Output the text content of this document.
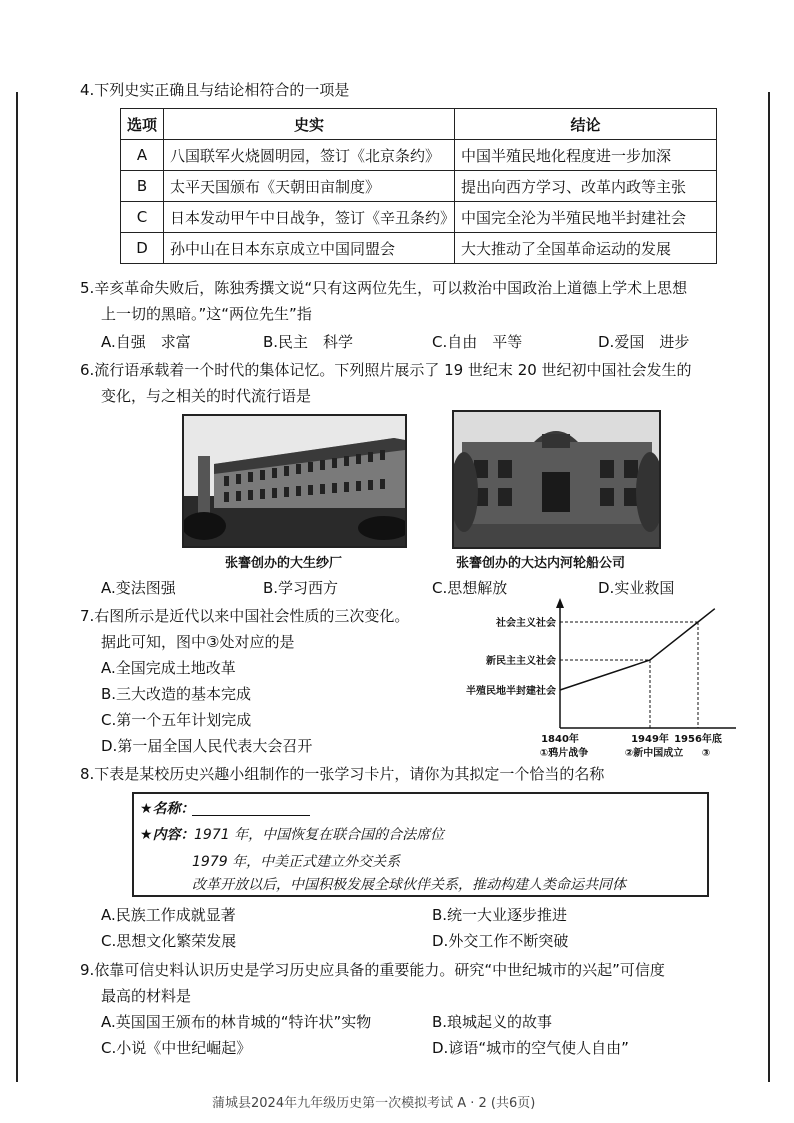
4.下列史实正确且与结论相符合的一项是
选项	史实	结论
A	八国联军火烧圆明园，签订《北京条约》	中国半殖民地化程度进一步加深
B	太平天国颁布《天朝田亩制度》	提出向西方学习、改革内政等主张
C	日本发动甲午中日战争，签订《辛丑条约》	中国完全沦为半殖民地半封建社会
D	孙中山在日本东京成立中国同盟会	大大推动了全国革命运动的发展
5.辛亥革命失败后，陈独秀撰文说“只有这两位先生，可以救治中国政治上道德上学术上思想
上一切的黑暗。”这“两位先生”指
A.自强　求富	B.民主　科学	C.自由　平等	D.爱国　进步
6.流行语承载着一个时代的集体记忆。下列照片展示了 19 世纪末 20 世纪初中国社会发生的
变化，与之相关的时代流行语是
张謇创办的大生纱厂	张謇创办的大达内河轮船公司
A.变法图强	B.学习西方	C.思想解放	D.实业救国
7.右图所示是近代以来中国社会性质的三次变化。
据此可知，图中③处对应的是
A.全国完成土地改革
B.三大改造的基本完成
C.第一个五年计划完成
D.第一届全国人民代表大会召开
半殖民地半封建社会
新民主主义社会
社会主义社会
1840年
①鸦片战争
1949年
②新中国成立
1956年底
③
8.下表是某校历史兴趣小组制作的一张学习卡片，请你为其拟定一个恰当的名称
★名称：
★内容： 1971 年，中国恢复在联合国的合法席位
1979 年，中美正式建立外交关系
改革开放以后，中国积极发展全球伙伴关系，推动构建人类命运共同体
A.民族工作成就显著	B.统一大业逐步推进
C.思想文化繁荣发展	D.外交工作不断突破
9.依靠可信史料认识历史是学习历史应具备的重要能力。研究“中世纪城市的兴起”可信度
最高的材料是
A.英国国王颁布的林肯城的“特许状”实物	B.琅城起义的故事
C.小说《中世纪崛起》	D.谚语“城市的空气使人自由”
蒲城县2024年九年级历史第一次模拟考试 A · 2 (共6页)
